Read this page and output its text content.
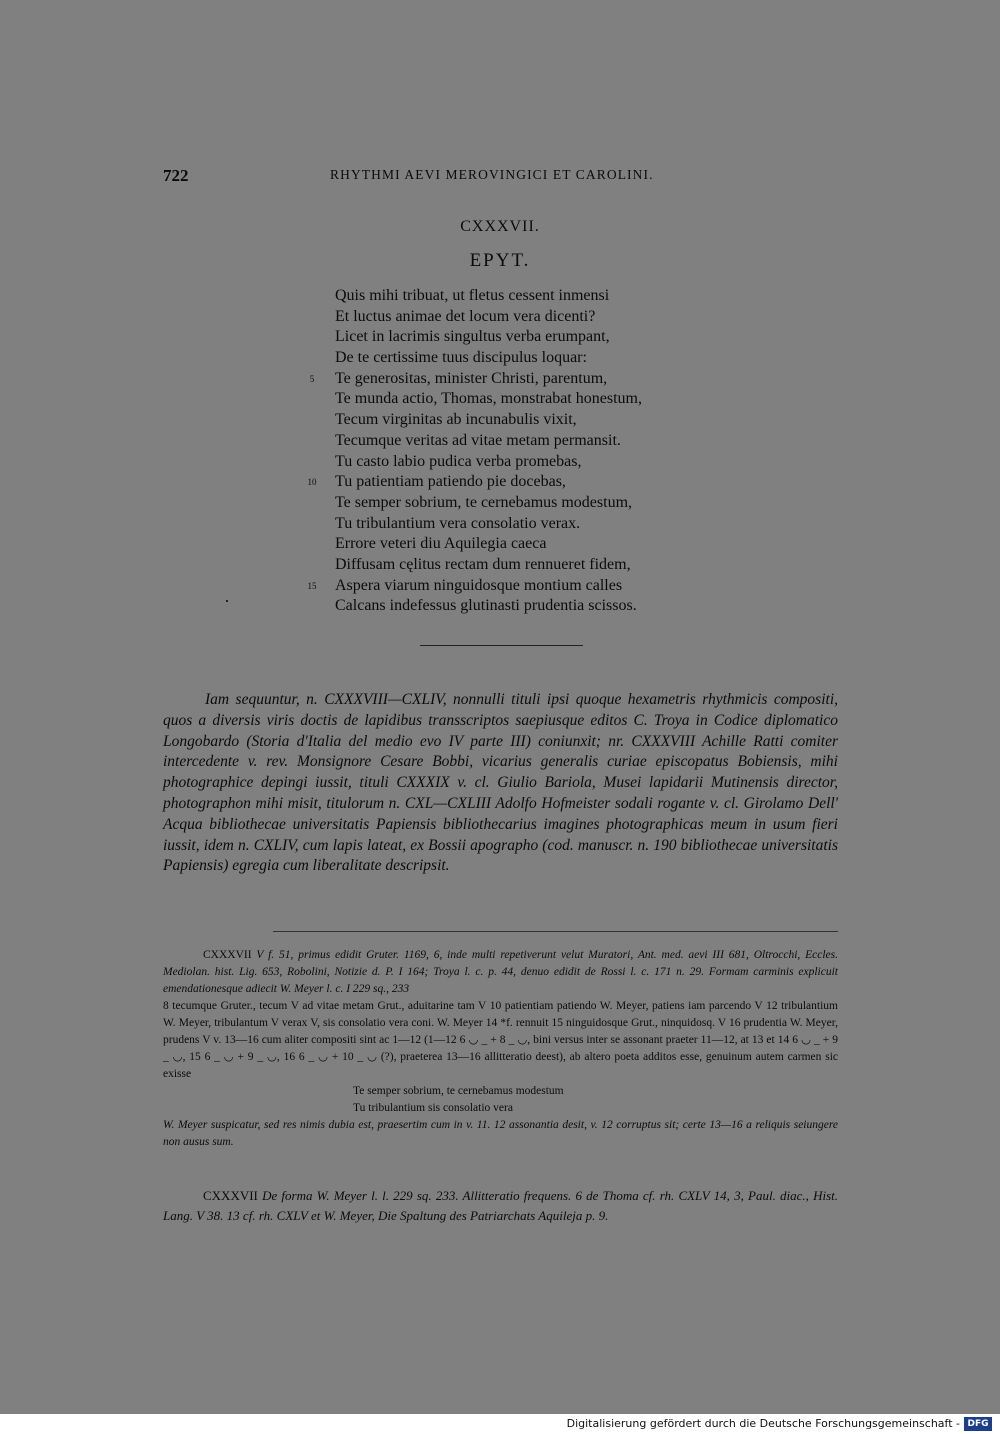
722	RHYTHMI AEVI MEROVINGICI ET CAROLINI.
CXXXVII.
EPYT.
Quis mihi tribuat, ut fletus cessent inmensi
Et luctus animae det locum vera dicenti?
Licet in lacrimis singultus verba erumpant,
De te certissime tuus discipulus loquar:
5 Te generositas, minister Christi, parentum,
Te munda actio, Thomas, monstrabat honestum,
Tecum virginitas ab incunabulis vixit,
Tecumque veritas ad vitae metam permansit.
Tu casto labio pudica verba promebas,
10 Tu patientiam patiendo pie docebas,
Te semper sobrium, te cernebamus modestum,
Tu tribulantium vera consolatio verax.
Errore veteri diu Aquilegia caeca
Diffusam cęlitus rectam dum rennueret fidem,
15 Aspera viarum ninguidosque montium calles
Calcans indefessus glutinasti prudentia scissos.

Iam sequuntur, n. CXXXVIII—CXLIV, nonnulli tituli ipsi quoque hexametris rhythmicis compositi, quos a diversis viris doctis de lapidibus transscriptos saepiusque editos C. Troya in Codice diplomatico Longobardo (Storia d'Italia del medio evo IV parte III) coniunxit; nr. CXXXVIII Achille Ratti comiter intercedente v. rev. Monsignore Cesare Bobbi, vicarius generalis curiae episcopatus Bobiensis, mihi photographice depingi iussit, tituli CXXXIX v. cl. Giulio Bariola, Musei lapidarii Mutinensis director, photographon mihi misit, titulorum n. CXL—CXLIII Adolfo Hofmeister sodali rogante v. cl. Girolamo Dell' Acqua bibliothecae universitatis Papiensis bibliothecarius imagines photographicas meum in usum fieri iussit, idem n. CXLIV, cum lapis lateat, ex Bossii apographo (cod. manuscr. n. 190 bibliothecae universitatis Papiensis) egregia cum liberalitate descripsit.

CXXXVII V f. 51, primus edidit Gruter. 1169, 6, inde multi repetiverunt velut Muratori, Ant. med. aevi III 681, Oltrocchi, Eccles. Mediolan. hist. Lig. 653, Robolini, Notizie d. P. I 164; Troya l. c. p. 44, denuo edidit de Rossi l. c. 171 n. 29. Formam carminis explicuit emendationesque adiecit W. Meyer l. c. I 229 sq., 233

8 tecumque Gruter., tecum V ad vitae metam Grut., aduitarine tam V 10 patientiam patiendo W. Meyer, patiens iam parcendo V 12 tribulantium W. Meyer, tribulantum V verax V, sis consolatio vera coni. W. Meyer 14 *f. rennuit 15 ninguidosque Grut., ninquidosq. V 16 prudentia W. Meyer, prudens V v. 13—16 cum aliter compositi sint ac 1—12 (1—12 6 ◡ _ + 8 _ ◡, bini versus inter se assonant praeter 11—12, at 13 et 14 6 ◡ _ + 9 _ ◡, 15 6 _ ◡ + 9 _ ◡, 16 6 _ ◡ + 10 _ ◡ (?), praeterea 13—16 allitteratio deest), ab altero poeta additos esse, genuinum autem carmen sic exisse

Te semper sobrium, te cernebamus modestum

Tu tribulantium sis consolatio vera

W. Meyer suspicatur, sed res nimis dubia est, praesertim cum in v. 11. 12 assonantia desit, v. 12 corruptus sit; certe 13—16 a reliquis seiungere non ausus sum.

CXXXVII De forma W. Meyer l. l. 229 sq. 233. Allitteratio frequens. 6 de Thoma cf. rh. CXLV 14, 3, Paul. diac., Hist. Lang. V 38. 13 cf. rh. CXLV et W. Meyer, Die Spaltung des Patriarchats Aquileja p. 9.

Digitalisierung gefördert durch die Deutsche Forschungsgemeinschaft - DFG
